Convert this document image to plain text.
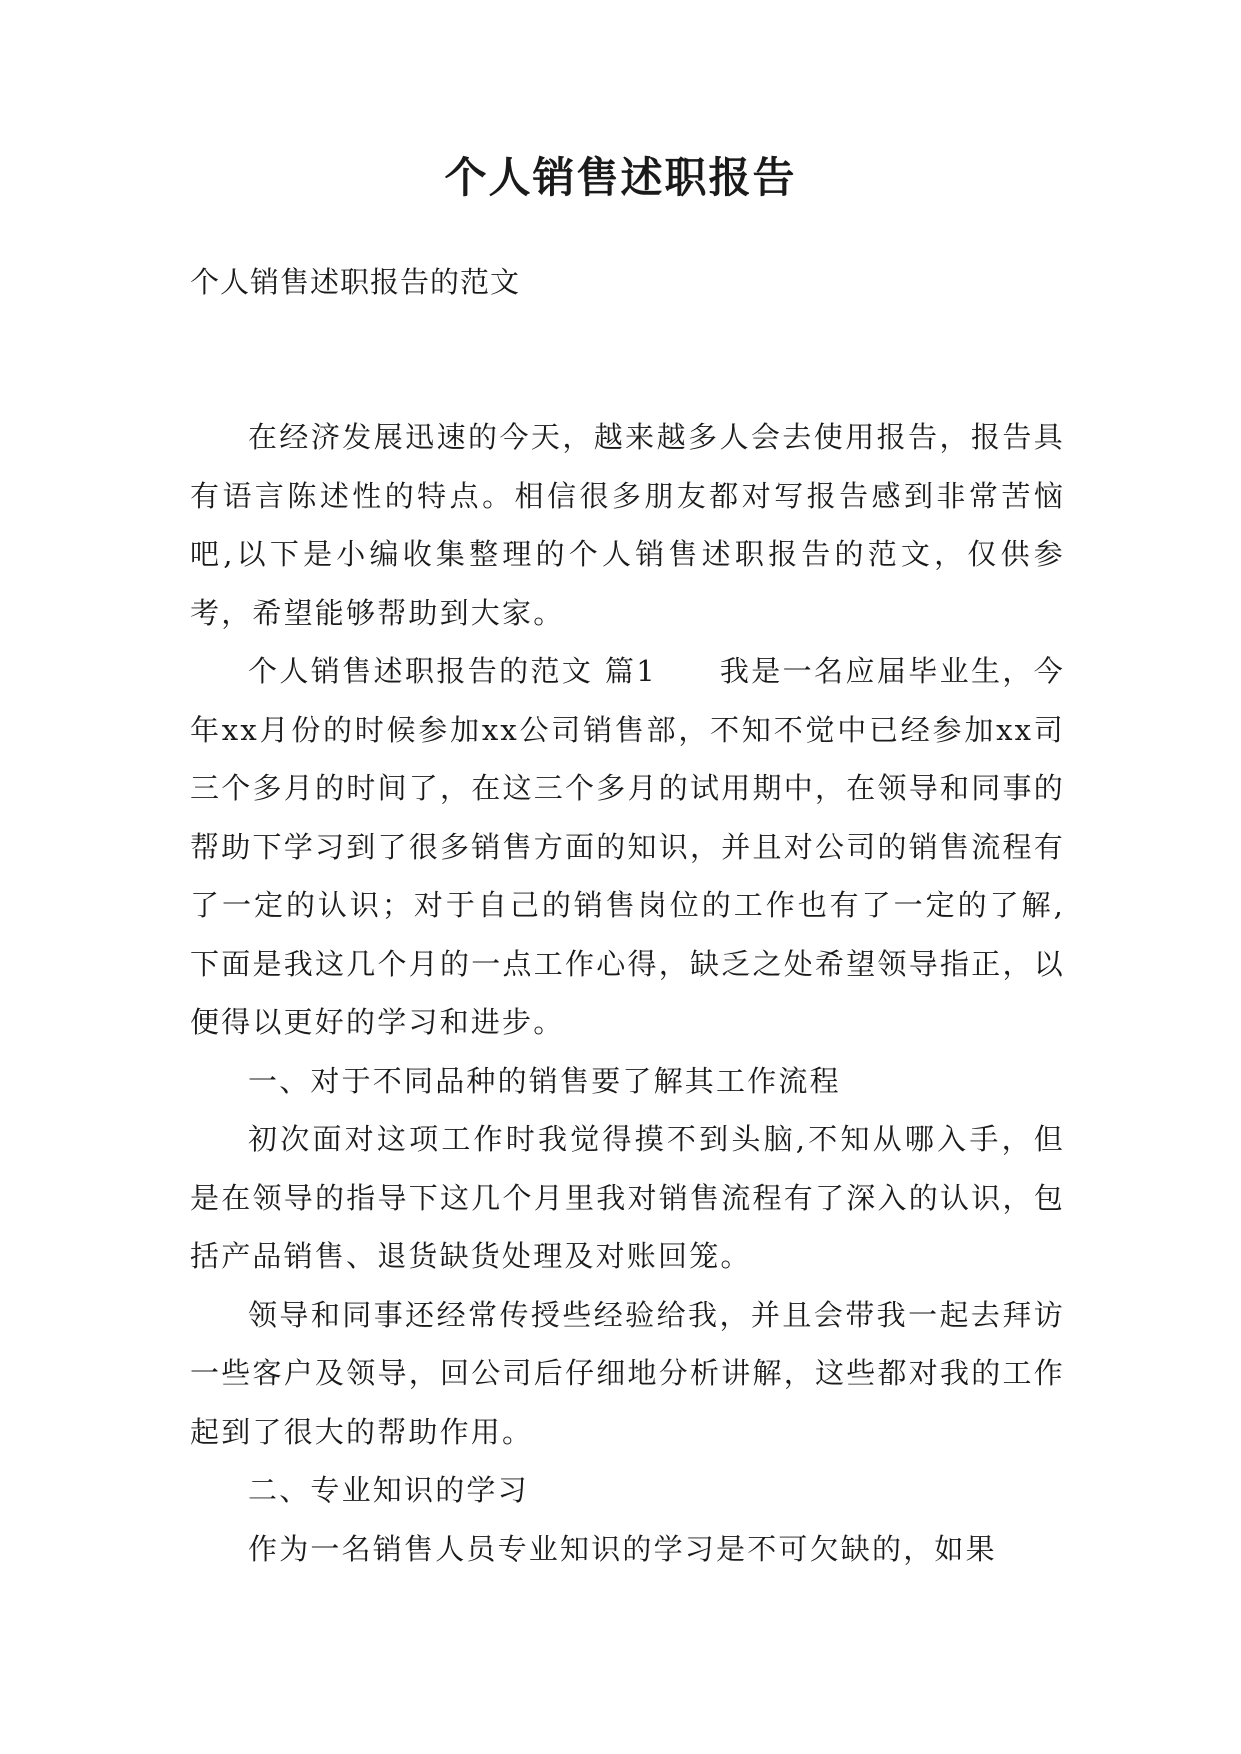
个人销售述职报告
个人销售述职报告的范文

在经济发展迅速的今天，越来越多人会去使用报告，报告具有语言陈述性的特点。相信很多朋友都对写报告感到非常苦恼吧,以下是小编收集整理的个人销售述职报告的范文，仅供参考，希望能够帮助到大家。

个人销售述职报告的范文 篇1　　我是一名应届毕业生，今年xx月份的时候参加xx公司销售部，不知不觉中已经参加xx司三个多月的时间了，在这三个多月的试用期中，在领导和同事的帮助下学习到了很多销售方面的知识，并且对公司的销售流程有了一定的认识；对于自己的销售岗位的工作也有了一定的了解,下面是我这几个月的一点工作心得，缺乏之处希望领导指正，以便得以更好的学习和进步。

一、对于不同品种的销售要了解其工作流程

初次面对这项工作时我觉得摸不到头脑,不知从哪入手，但是在领导的指导下这几个月里我对销售流程有了深入的认识，包括产品销售、退货缺货处理及对账回笼。

领导和同事还经常传授些经验给我，并且会带我一起去拜访一些客户及领导，回公司后仔细地分析讲解，这些都对我的工作起到了很大的帮助作用。

二、专业知识的学习

作为一名销售人员专业知识的学习是不可欠缺的，如果
